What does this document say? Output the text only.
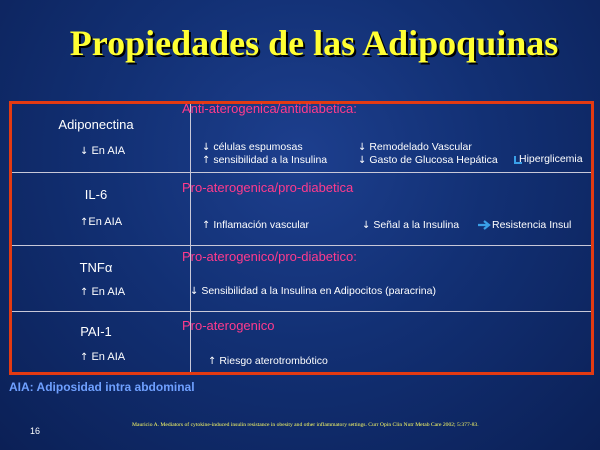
Propiedades de las Adipoquinas
Adiponectina
↓ En AIA
Anti-aterogenica/antidiabetica:
↓ células espumosas
↑ sensibilidad a la Insulina
↓ Remodelado Vascular
↓ Gasto de Glucosa Hepática Hiperglicemia
IL-6
↑En AIA
Pro-aterogenica/pro-diabetica
↑ Inflamación vascular	↓ Señal a la Insulina	Resistencia Insul
TNFα
↑ En AIA
Pro-aterogenico/pro-diabetico:
↓ Sensibilidad a la Insulina en Adipocitos (paracrina)
PAI-1
↑ En AIA
Pro-aterogenico
↑ Riesgo aterotrombótico
AIA: Adiposidad intra abdominal
16
Mauricio A. Mediators of cytokine-induced insulin resistance in obesity and other inflammatory settings. Curr Opin Clin Nutr Metab Care 2002; 5:377-83.
